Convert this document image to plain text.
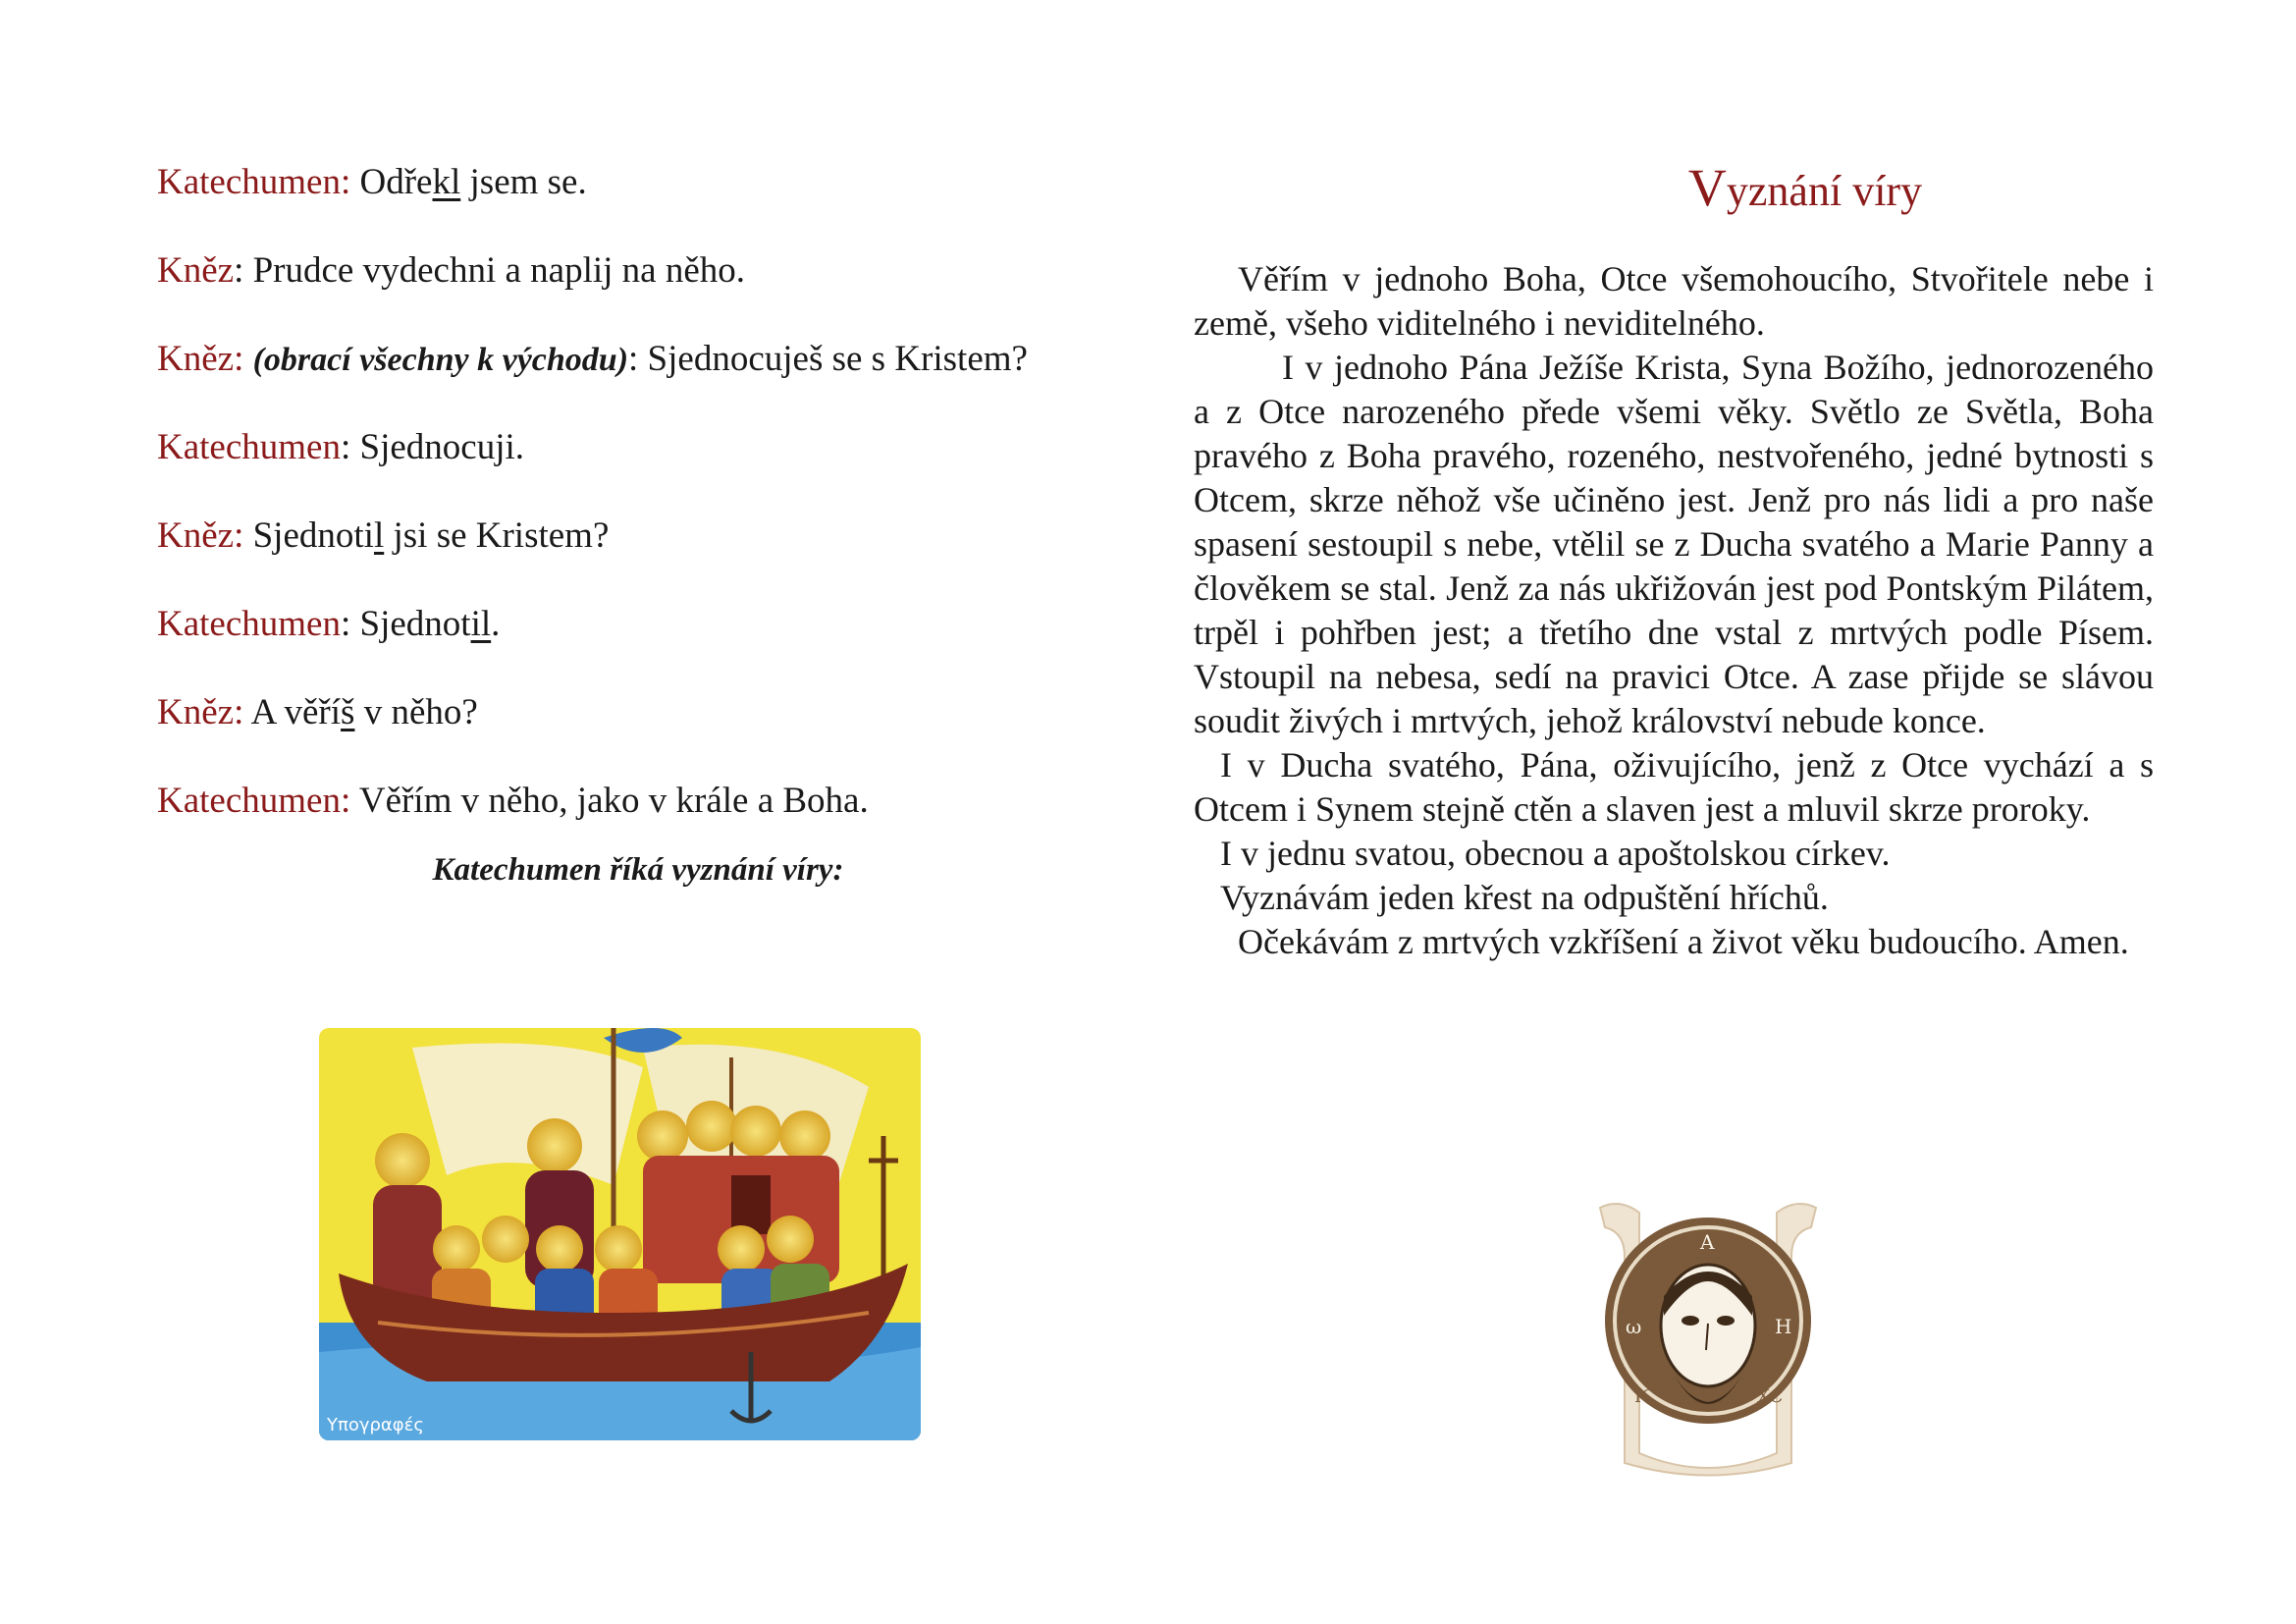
Katechumen: Odřekl jsem se.
Kněz: Prudce vydechni a naplij na něho.
Kněz: (obrací všechny k východu): Sjednocuješ se s Kristem?
Katechumen: Sjednocuji.
Kněz: Sjednotil jsi se Kristem?
Katechumen: Sjednotil.
Kněz: A věříš v něho?
Katechumen: Věřím v něho, jako v krále a Boha.
Katechumen říká vyznání víry:
Υπογραφές
Vyznání víry

Věřím v jednoho Boha, Otce všemohoucího, Stvořitele nebe i země, všeho viditelného i neviditelného.

I v jednoho Pána Ježíše Krista, Syna Božího, jednorozeného a z Otce narozeného přede všemi věky. Světlo ze Světla, Boha pravého z Boha pravého, rozeného, nestvořeného, jedné bytnosti s Otcem, skrze něhož vše učiněno jest. Jenž pro nás lidi a pro naše spasení sestoupil s nebe, vtělil se z Ducha svatého a Marie Panny a člověkem se stal. Jenž za nás ukřižován jest pod Pontským Pilátem, trpěl i pohřben jest; a třetího dne vstal z mrtvých podle Písem. Vstoupil na nebesa, sedí na pravici Otce. A zase přijde se slávou soudit živých i mrtvých, jehož království nebude konce.

I v Ducha svatého, Pána, oživujícího, jenž z Otce vychází a s Otcem i Synem stejně ctěn a slaven jest a mluvil skrze proroky.

I v jednu svatou, obecnou a apoštolskou církev.

Vyznávám jeden křest na odpuštění hříchů.

Očekávám z mrtvých vzkříšení a život věku budoucího. Amen.

Α
ω	Η
IC	XC
